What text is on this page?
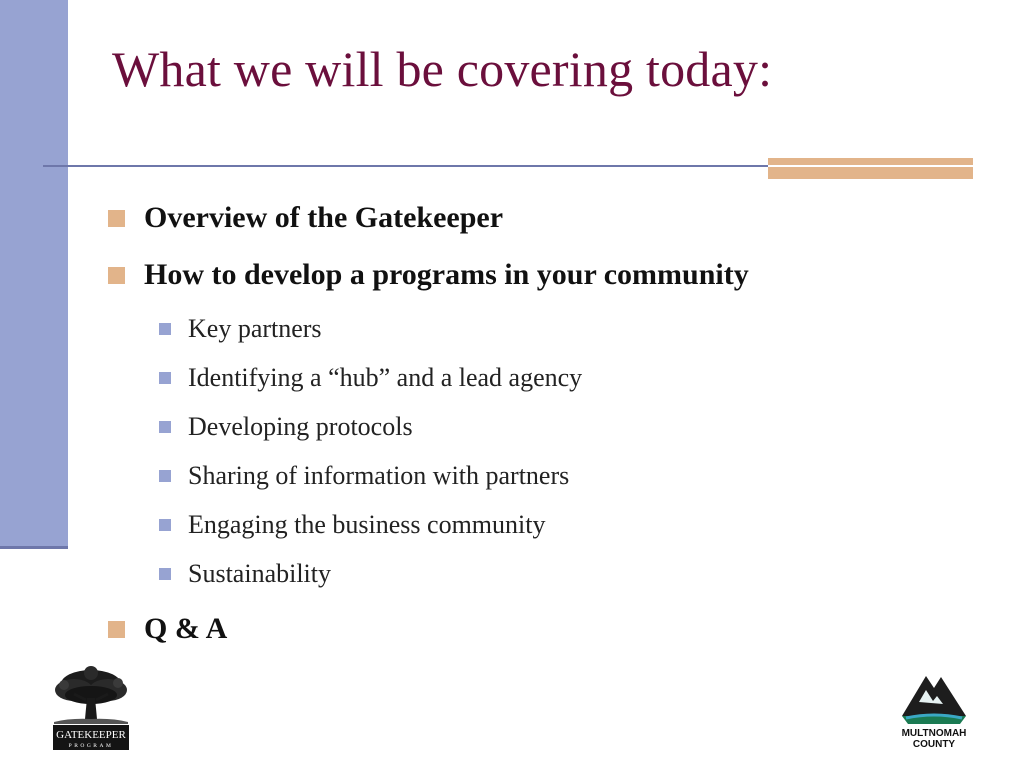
What we will be covering today:
Overview of the Gatekeeper
How to develop a programs in your community
Key partners
Identifying a “hub” and a lead agency
Developing protocols
Sharing of information with partners
Engaging the business community
Sustainability
Q & A
GATEKEEPER
PROGRAM
MULTNOMAH
COUNTY
